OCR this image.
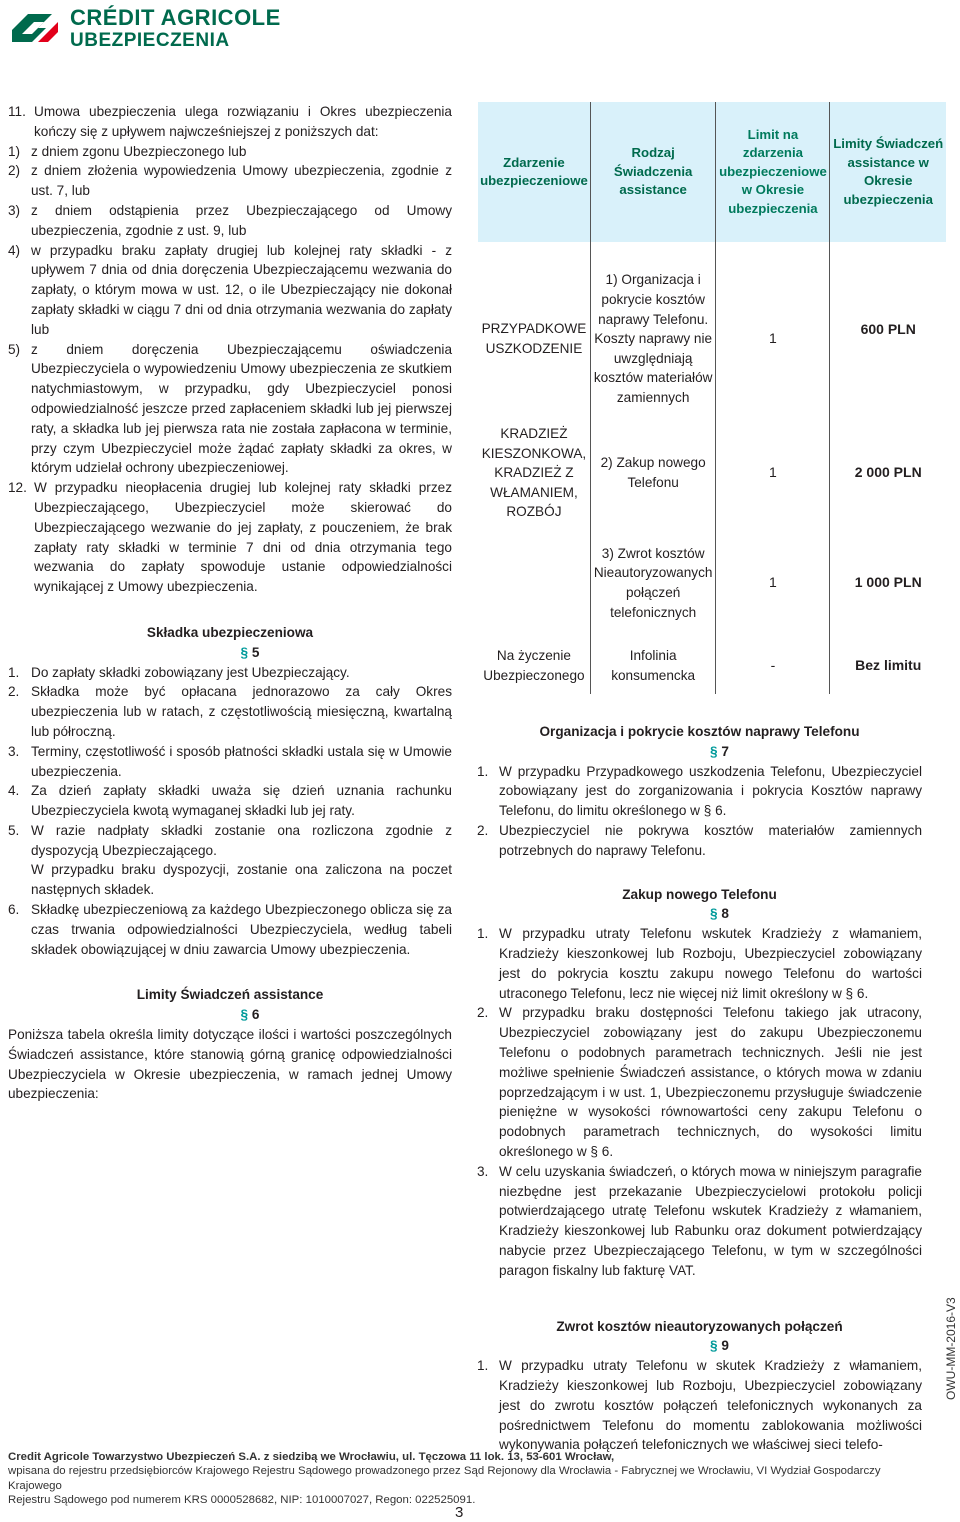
CRÉDIT AGRICOLE
UBEZPIECZENIA
11. Umowa ubezpieczenia ulega rozwiązaniu i Okres ubezpieczenia kończy się z upływem najwcześniejszej z poniższych dat:
1) z dniem zgonu Ubezpieczonego lub
2) z dniem złożenia wypowiedzenia Umowy ubezpieczenia, zgodnie z ust. 7, lub
3) z dniem odstąpienia przez Ubezpieczającego od Umowy ubezpieczenia, zgodnie z ust. 9, lub
4) w przypadku braku zapłaty drugiej lub kolejnej raty składki - z upływem 7 dnia od dnia doręczenia Ubezpieczającemu wezwania do zapłaty, o którym mowa w ust. 12, o ile Ubezpieczający nie dokonał zapłaty składki w ciągu 7 dni od dnia otrzymania wezwania do zapłaty lub
5) z dniem doręczenia Ubezpieczającemu oświadczenia Ubezpieczyciela o wypowiedzeniu Umowy ubezpieczenia ze skutkiem natychmiastowym, w przypadku, gdy Ubezpieczyciel ponosi odpowiedzialność jeszcze przed zapłaceniem składki lub jej pierwszej raty, a składka lub jej pierwsza rata nie została zapłacona w terminie, przy czym Ubezpieczyciel może żądać zapłaty składki za okres, w którym udzielał ochrony ubezpieczeniowej.
12. W przypadku nieopłacenia drugiej lub kolejnej raty składki przez Ubezpieczającego, Ubezpieczyciel może skierować do Ubezpieczającego wezwanie do jej zapłaty, z pouczeniem, że brak zapłaty raty składki w terminie 7 dni od dnia otrzymania tego wezwania do zapłaty spowoduje ustanie odpowiedzialności wynikającej z Umowy ubezpieczenia.
Składka ubezpieczeniowa
§ 5
1. Do zapłaty składki zobowiązany jest Ubezpieczający.
2. Składka może być opłacana jednorazowo za cały Okres ubezpieczenia lub w ratach, z częstotliwością miesięczną, kwartalną lub półroczną.
3. Terminy, częstotliwość i sposób płatności składki ustala się w Umowie ubezpieczenia.
4. Za dzień zapłaty składki uważa się dzień uznania rachunku Ubezpieczyciela kwotą wymaganej składki lub jej raty.
5. W razie nadpłaty składki zostanie ona rozliczona zgodnie z dyspozycją Ubezpieczającego.
W przypadku braku dyspozycji, zostanie ona zaliczona na poczet następnych składek.
6. Składkę ubezpieczeniową za każdego Ubezpieczonego oblicza się za czas trwania odpowiedzialności Ubezpieczyciela, według tabeli składek obowiązującej w dniu zawarcia Umowy ubezpieczenia.
Limity Świadczeń assistance
§ 6

Poniższa tabela określa limity dotyczące ilości i wartości poszczególnych Świadczeń assistance, które stanowią górną granicę odpowiedzialności Ubezpieczyciela w Okresie ubezpieczenia, w ramach jednej Umowy ubezpieczenia:

Zdarzenie ubezpieczeniowe	Rodzaj Świadczenia assistance	Limit na zdarzenia ubezpieczeniowe w Okresie ubezpieczenia	Limity Świadczeń assistance w Okresie ubezpieczenia

PRZYPADKOWE USZKODZENIE	1) Organizacja i pokrycie kosztów naprawy Telefonu. Koszty naprawy nie uwzględniają kosztów materiałów zamiennych	1	600 PLN
KRADZIEŻ KIESZONKOWA, KRADZIEŻ Z WŁAMANIEM, ROZBÓJ	2) Zakup nowego Telefonu	1	2 000 PLN
	3) Zwrot kosztów Nieautoryzowanych połączeń telefonicznych	1	1 000 PLN
Na życzenie Ubezpieczonego	Infolinia konsumencka	-	Bez limitu
Organizacja i pokrycie kosztów naprawy Telefonu
§ 7
1. W przypadku Przypadkowego uszkodzenia Telefonu, Ubezpieczyciel zobowiązany jest do zorganizowania i pokrycia Kosztów naprawy Telefonu, do limitu określonego w § 6.
2. Ubezpieczyciel nie pokrywa kosztów materiałów zamiennych potrzebnych do naprawy Telefonu.
Zakup nowego Telefonu
§ 8
1. W przypadku utraty Telefonu wskutek Kradzieży z włamaniem, Kradzieży kieszonkowej lub Rozboju, Ubezpieczyciel zobowiązany jest do pokrycia kosztu zakupu nowego Telefonu do wartości utraconego Telefonu, lecz nie więcej niż limit określony w § 6.
2. W przypadku braku dostępności Telefonu takiego jak utracony, Ubezpieczyciel zobowiązany jest do zakupu Ubezpieczonemu Telefonu o podobnych parametrach technicznych. Jeśli nie jest możliwe spełnienie Świadczeń assistance, o których mowa w zdaniu poprzedzającym i w ust. 1, Ubezpieczonemu przysługuje świadczenie pieniężne w wysokości równowartości ceny zakupu Telefonu o podobnych parametrach technicznych, do wysokości limitu określonego w § 6.
3. W celu uzyskania świadczeń, o których mowa w niniejszym paragrafie niezbędne jest przekazanie Ubezpieczycielowi protokołu policji potwierdzającego utratę Telefonu wskutek Kradzieży z włamaniem, Kradzieży kieszonkowej lub Rabunku oraz dokument potwierdzający nabycie przez Ubezpieczającego Telefonu, w tym w szczególności paragon fiskalny lub fakturę VAT.
Zwrot kosztów nieautoryzowanych połączeń
§ 9
1. W przypadku utraty Telefonu w skutek Kradzieży z włamaniem, Kradzieży kieszonkowej lub Rozboju, Ubezpieczyciel zobowiązany jest do zwrotu kosztów połączeń telefonicznych wykonanych za pośrednictwem Telefonu do momentu zablokowania możliwości wykonywania połączeń telefonicznych we właściwej sieci telefo-
OWU-MM-2016-V3
Credit Agricole Towarzystwo Ubezpieczeń S.A. z siedzibą we Wrocławiu, ul. Tęczowa 11 lok. 13, 53-601 Wrocław,
wpisana do rejestru przedsiębiorców Krajowego Rejestru Sądowego prowadzonego przez Sąd Rejonowy dla Wrocławia - Fabrycznej we Wrocławiu, VI Wydział Gospodarczy Krajowego
Rejestru Sądowego pod numerem KRS 0000528682, NIP: 1010007027, Regon: 022525091.
3
